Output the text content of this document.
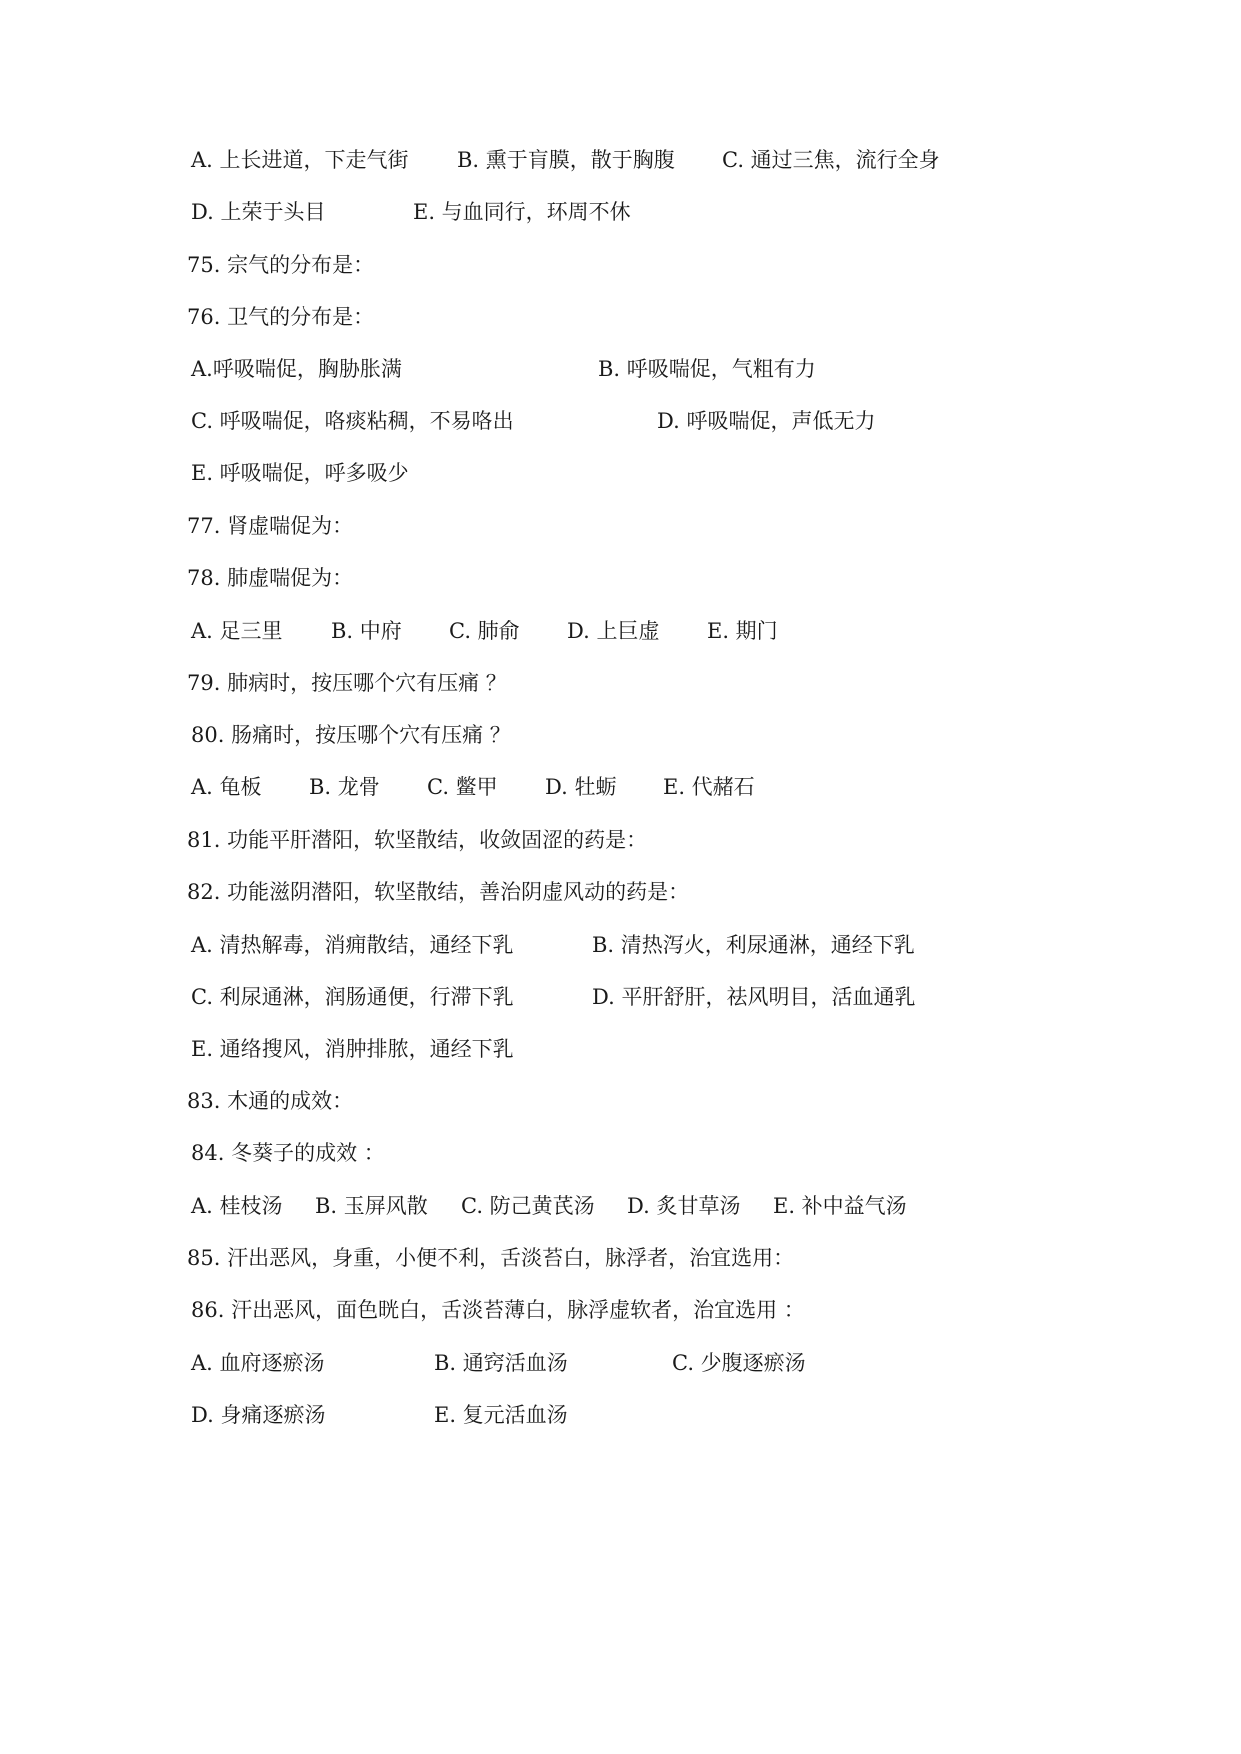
A. 上长进道，下走气街 B. 熏于肓膜，散于胸腹 C. 通过三焦，流行全身
D. 上荣于头目	E. 与血同行，环周不休
75. 宗气的分布是：
76. 卫气的分布是：
A.呼吸喘促，胸胁胀满	B. 呼吸喘促，气粗有力
C. 呼吸喘促，咯痰粘稠，不易咯出	D. 呼吸喘促，声低无力
E. 呼吸喘促，呼多吸少
77. 肾虚喘促为：
78. 肺虚喘促为：
A. 足三里 B. 中府 C. 肺俞 D. 上巨虚 E. 期门
79. 肺病时，按压哪个穴有压痛 ？
80. 肠痛时，按压哪个穴有压痛 ？
A. 龟板 B. 龙骨 C. 鳖甲 D. 牡蛎 E. 代赭石
81. 功能平肝潜阳，软坚散结，收敛固涩的药是：
82. 功能滋阴潜阳，软坚散结，善治阴虚风动的药是：
A. 清热解毒，消痈散结，通经下乳	B. 清热泻火，利尿通淋，通经下乳
C. 利尿通淋，润肠通便，行滞下乳	D. 平肝舒肝，祛风明目，活血通乳
E. 通络搜风，消肿排脓，通经下乳
83. 木通的成效：
84. 冬葵子的成效 ：
A. 桂枝汤 B. 玉屏风散 C. 防己黄芪汤 D. 炙甘草汤 E. 补中益气汤
85. 汗出恶风，身重，小便不利，舌淡苔白，脉浮者，治宜选用：
86. 汗出恶风，面色晄白，舌淡苔薄白，脉浮虚软者，治宜选用 ：
A. 血府逐瘀汤	B. 通窍活血汤	C. 少腹逐瘀汤
D. 身痛逐瘀汤	E. 复元活血汤
